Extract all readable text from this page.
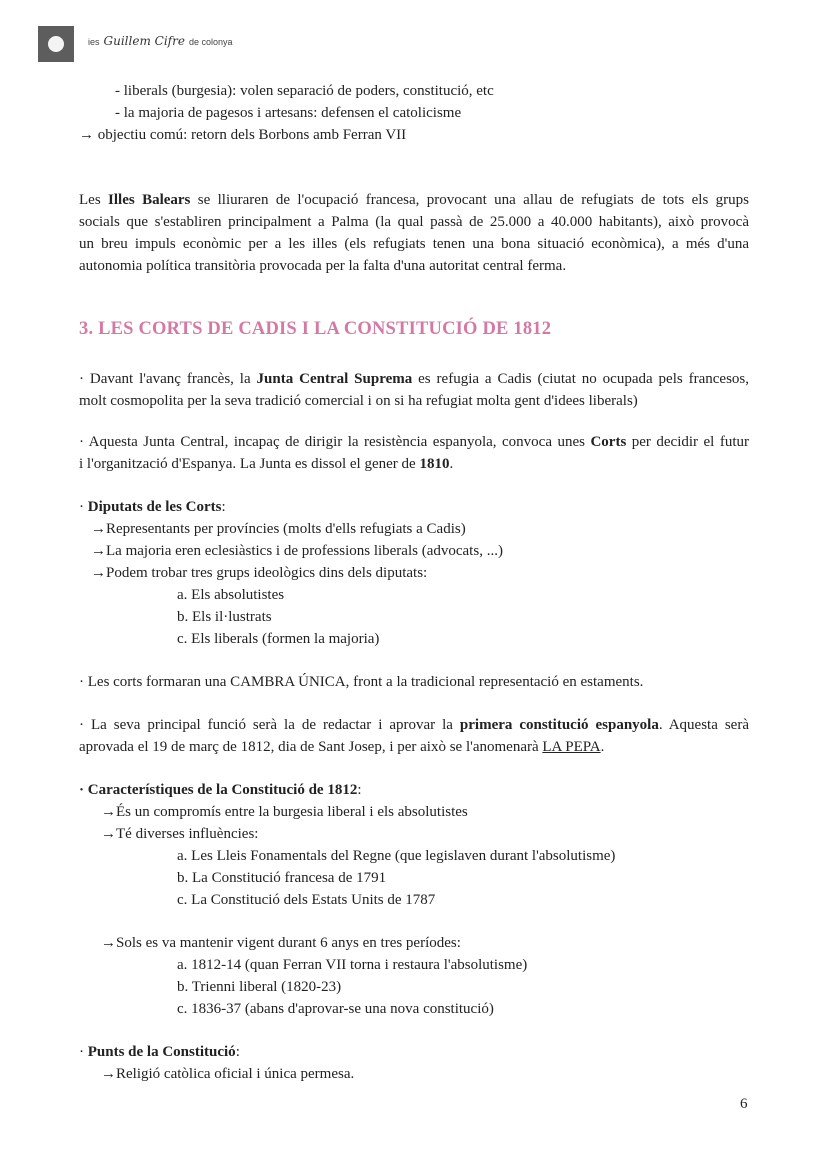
ies Guillem Cifre de colonya
- liberals (burgesia): volen separació de poders, constitució, etc
- la majoria de pagesos i artesans: defensen el catolicisme
→ objectiu comú: retorn dels Borbons amb Ferran VII
Les Illes Balears se lliuraren de l'ocupació francesa, provocant una allau de refugiats de tots els grups
socials que s'establiren principalment a Palma (la qual passà de 25.000 a 40.000 habitants), això provocà
un breu impuls econòmic per a les illes (els refugiats tenen una bona situació econòmica), a més d'una
autonomia política transitòria provocada per la falta d'una autoritat central ferma.
3. LES CORTS DE CADIS I LA CONSTITUCIÓ DE 1812
· Davant l'avanç francès, la Junta Central Suprema es refugia a Cadis (ciutat no ocupada pels francesos,
molt cosmopolita per la seva tradició comercial i on si ha refugiat molta gent d'idees liberals)
· Aquesta Junta Central, incapaç de dirigir la resistència espanyola, convoca unes Corts per decidir el futur
i l'organització d'Espanya. La Junta es dissol el gener de 1810.
· Diputats de les Corts:
→Representants per províncies (molts d'ells refugiats a Cadis)
→La majoria eren eclesiàstics i de professions liberals (advocats, ...)
→Podem trobar tres grups ideològics dins dels diputats:
a. Els absolutistes
b. Els il·lustrats
c. Els liberals (formen la majoria)
· Les corts formaran una CAMBRA ÚNICA, front a la tradicional representació en estaments.
· La seva principal funció serà la de redactar i aprovar la primera constitució espanyola. Aquesta serà
aprovada el 19 de març de 1812, dia de Sant Josep, i per això se l'anomenarà LA PEPA.
· Característiques de la Constitució de 1812:
→És un compromís entre la burgesia liberal i els absolutistes
→Té diverses influències:
a. Les Lleis Fonamentals del Regne (que legislaven durant l'absolutisme)
b. La Constitució francesa de 1791
c. La Constitució dels Estats Units de 1787
→Sols es va mantenir vigent durant 6 anys en tres períodes:
a. 1812-14 (quan Ferran VII torna i restaura l'absolutisme)
b. Trienni liberal (1820-23)
c. 1836-37 (abans d'aprovar-se una nova constitució)
· Punts de la Constitució:
→Religió catòlica oficial i única permesa.
6
